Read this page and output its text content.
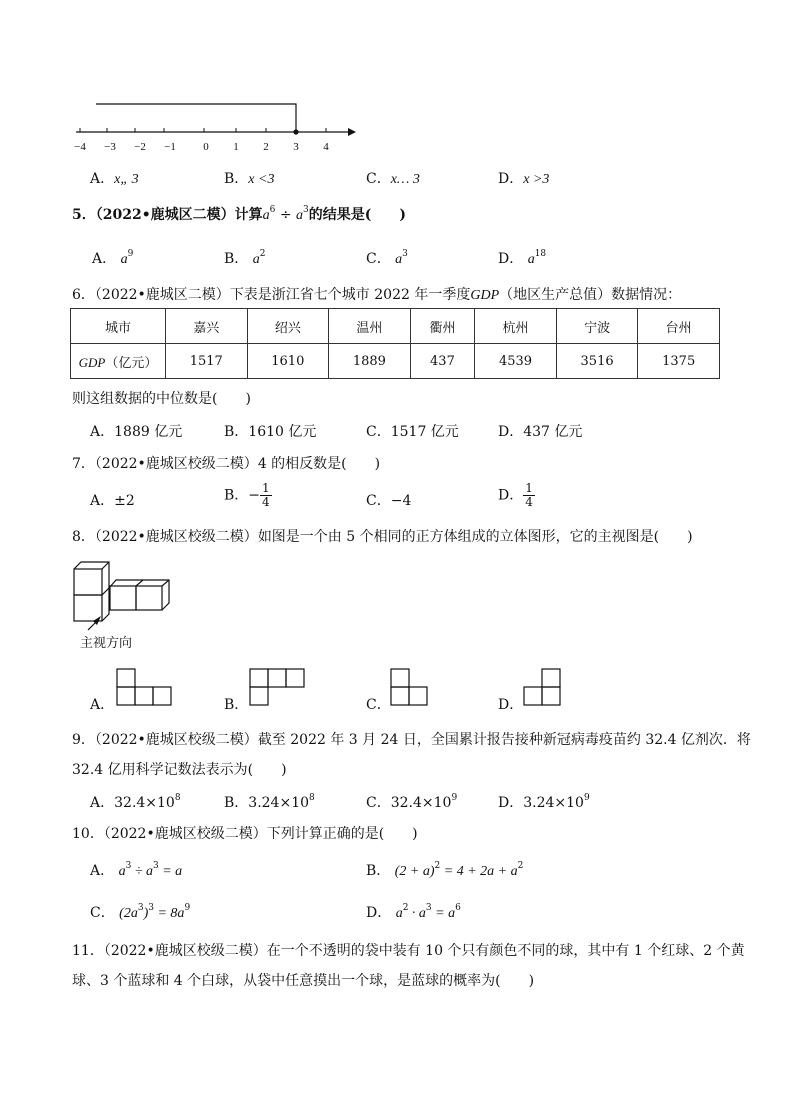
−4 −3 −2 −1 0 1 2 3 4
A．x„ 3	B．x <3	C．x… 3	D．x >3
5．（2022•鹿城区二模）计算$a^6 \div a^3$的结果是(　　)
A． $a^9$	B． $a^2$	C． $a^3$	D． $a^{18}$
6．（2022•鹿城区二模）下表是浙江省七个城市 2022 年一季度GDP（地区生产总值）数据情况：
城市	嘉兴	绍兴	温州	衢州	杭州	宁波	台州
GDP（亿元）	1517	1610	1889	437	4539	3516	1375
则这组数据的中位数是(　　)
A．1889 亿元	B．1610 亿元	C．1517 亿元	D．437 亿元
7．（2022•鹿城区校级二模）4 的相反数是(　　)
A．±2	B．− $\frac{1}{4}$	C．−4	D． $\frac{1}{4}$
8．（2022•鹿城区校级二模）如图是一个由 5 个相同的正方体组成的立体图形，它的主视图是(　　)
主视方向
A．	B．	C．	D．
9．（2022•鹿城区校级二模）截至 2022 年 3 月 24 日，全国累计报告接种新冠病毒疫苗约 32.4 亿剂次．将
32.4 亿用科学记数法表示为(　　)
A．$32.4\times 10^8$	B．$3.24\times 10^8$	C．$32.4\times 10^9$	D．$3.24\times 10^9$
10．（2022•鹿城区校级二模）下列计算正确的是(　　)
A． $a^3 \div a^3 = a$	B． $(2 + a)^2 = 4 + 2a + a^2$
C． $(2a^3)^3 = 8a^9$	D． $a^2 \cdot a^3 = a^6$
11．（2022•鹿城区校级二模）在一个不透明的袋中装有 10 个只有颜色不同的球，其中有 1 个红球、2 个黄
球、3 个蓝球和 4 个白球，从袋中任意摸出一个球，是蓝球的概率为(　　)
